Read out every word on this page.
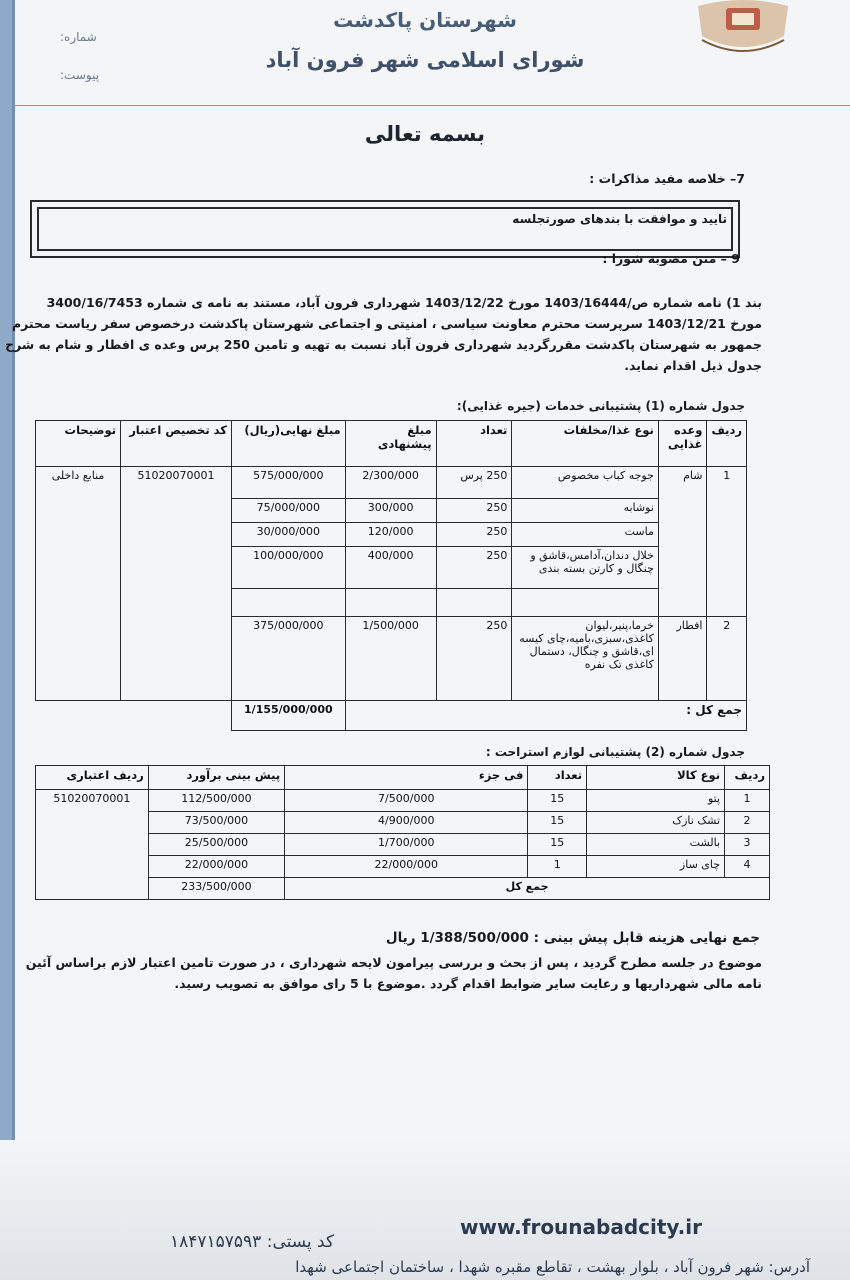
شهرستان پاکدشت
شورای اسلامی شهر فرون آباد
شماره:
پیوست:
بسمه تعالی
7– خلاصه مفید مذاکرات :
تایید و موافقت با بندهای صورتجلسه
9 – متن مصوبه شورا :
بند 1) نامه شماره ص/1403/16444 مورخ 1403/12/22 شهرداری فرون آباد، مستند به نامه ی شماره 3400/16/7453
مورخ 1403/12/21 سرپرست محترم معاونت سیاسی ، امنیتی و اجتماعی شهرستان پاکدشت درخصوص سفر ریاست محترم
جمهور به شهرستان پاکدشت مقررگردید شهرداری فرون آباد نسبت به تهیه و تامین 250 پرس وعده ی افطار و شام به شرح
جدول ذیل اقدام نماید.
جدول شماره (1) پشتیبانی خدمات (جیره غذایی):
ردیف	وعده غذایی	نوع غذا/مخلفات	تعداد	مبلغ پیشنهادی	مبلغ نهایی(ریال)	کد تخصیص اعتبار	توضیحات
1	شام	جوجه کباب مخصوص	250 پرس	2/300/000	575/000/000	51020070001	منابع داخلی
		نوشابه	250	300/000	75/000/000		
		ماست	250	120/000	30/000/000		
		خلال دندان،آدامس،قاشق و چنگال و کارتن بسته بندی	250	400/000	100/000/000		

2	افطار	خرما،پنیر،لیوان کاغذی،سبزی،بامیه،چای کیسه ای،قاشق و چنگال، دستمال کاغذی تک نفره	250	1/500/000	375/000/000		
جمع کل :					1/155/000/000		
جدول شماره (2) پشتیبانی لوازم استراحت :
ردیف	نوع کالا	تعداد	فی جزء	پیش بینی برآورد	ردیف اعتباری
1	پتو	15	7/500/000	112/500/000	51020070001
2	تشک نازک	15	4/900/000	73/500/000	
3	بالشت	15	1/700/000	25/500/000	
4	چای ساز	1	22/000/000	22/000/000	
جمع کل				233/500/000	
جمع نهایی هزینه قابل پیش بینی : 1/388/500/000 ریال
موضوع در جلسه مطرح گردید ، پس از بحث و بررسی پیرامون لایحه شهرداری ، در صورت تامین اعتبار لازم براساس آئین
نامه مالی شهرداریها و رعایت سایر ضوابط اقدام گردد .موضوع با 5 رای موافق به تصویب رسید.
www.frounabadcity.ir
کد پستی: ۱۸۴۷۱۵۷۵۹۳
آدرس: شهر فرون آباد ، بلوار بهشت ، تقاطع مقبره شهدا ، ساختمان اجتماعی شهدا
